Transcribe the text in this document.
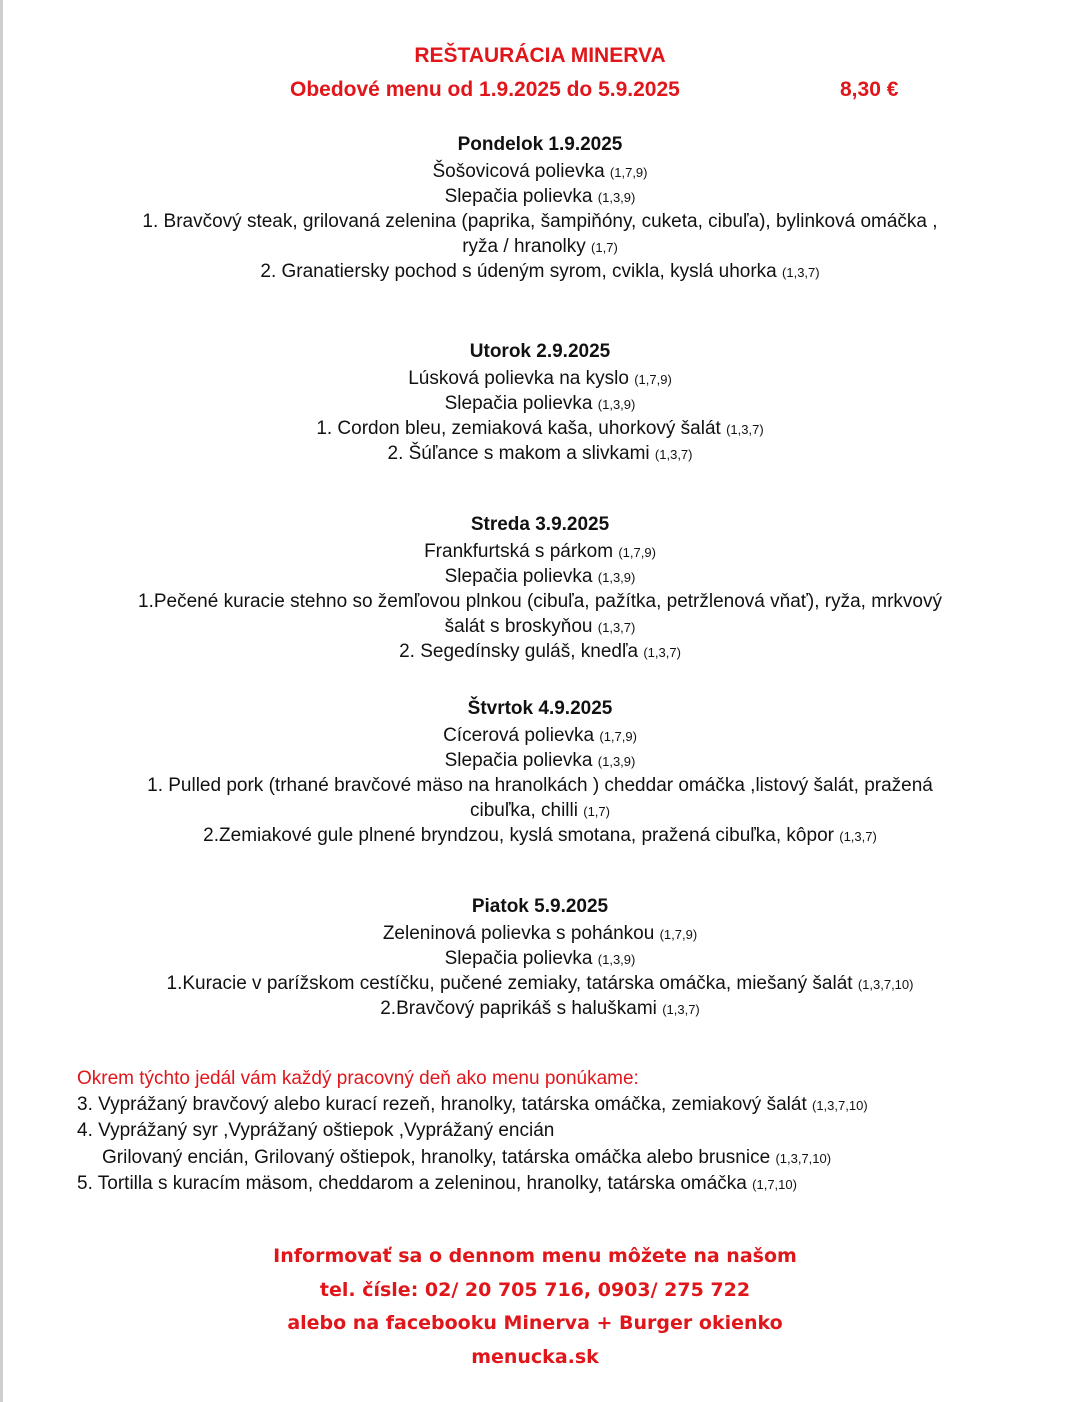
REŠTAURÁCIA MINERVA
Obedové menu od 1.9.2025 do 5.9.2025	8,30 €
Pondelok 1.9.2025
Šošovicová polievka (1,7,9)
Slepačia polievka (1,3,9)
1. Bravčový steak, grilovaná zelenina (paprika, šampiňóny, cuketa, cibuľa), bylinková omáčka ,
ryža / hranolky (1,7)
2. Granatiersky pochod s údeným syrom, cvikla, kyslá uhorka (1,3,7)
Utorok 2.9.2025
Lúsková polievka na kyslo (1,7,9)
Slepačia polievka (1,3,9)
1. Cordon bleu, zemiaková kaša, uhorkový šalát (1,3,7)
2. Šúľance s makom a slivkami (1,3,7)
Streda 3.9.2025
Frankfurtská s párkom (1,7,9)
Slepačia polievka (1,3,9)
1.Pečené kuracie stehno so žemľovou plnkou (cibuľa, pažítka, petržlenová vňať), ryža, mrkvový
šalát s broskyňou (1,3,7)
2. Segedínsky guláš, knedľa (1,3,7)
Štvrtok 4.9.2025
Cícerová polievka (1,7,9)
Slepačia polievka (1,3,9)
1. Pulled pork (trhané bravčové mäso na hranolkách ) cheddar omáčka ,listový šalát, pražená
cibuľka, chilli (1,7)
2.Zemiakové gule plnené bryndzou, kyslá smotana, pražená cibuľka, kôpor (1,3,7)
Piatok 5.9.2025
Zeleninová polievka s pohánkou (1,7,9)
Slepačia polievka (1,3,9)
1.Kuracie v parížskom cestíčku, pučené zemiaky, tatárska omáčka, miešaný šalát (1,3,7,10)
2.Bravčový paprikáš s haluškami (1,3,7)
Okrem týchto jedál vám každý pracovný deň ako menu ponúkame:
3. Vyprážaný bravčový alebo kurací rezeň, hranolky, tatárska omáčka, zemiakový šalát (1,3,7,10)
4. Vyprážaný syr ,Vyprážaný oštiepok ,Vyprážaný encián
Grilovaný encián, Grilovaný oštiepok, hranolky, tatárska omáčka alebo brusnice (1,3,7,10)
5. Tortilla s kuracím mäsom, cheddarom a zeleninou, hranolky, tatárska omáčka (1,7,10)
Informovať sa o dennom menu môžete na našom
tel. čísle: 02/ 20 705 716, 0903/ 275 722
alebo na facebooku Minerva + Burger okienko
menucka.sk
